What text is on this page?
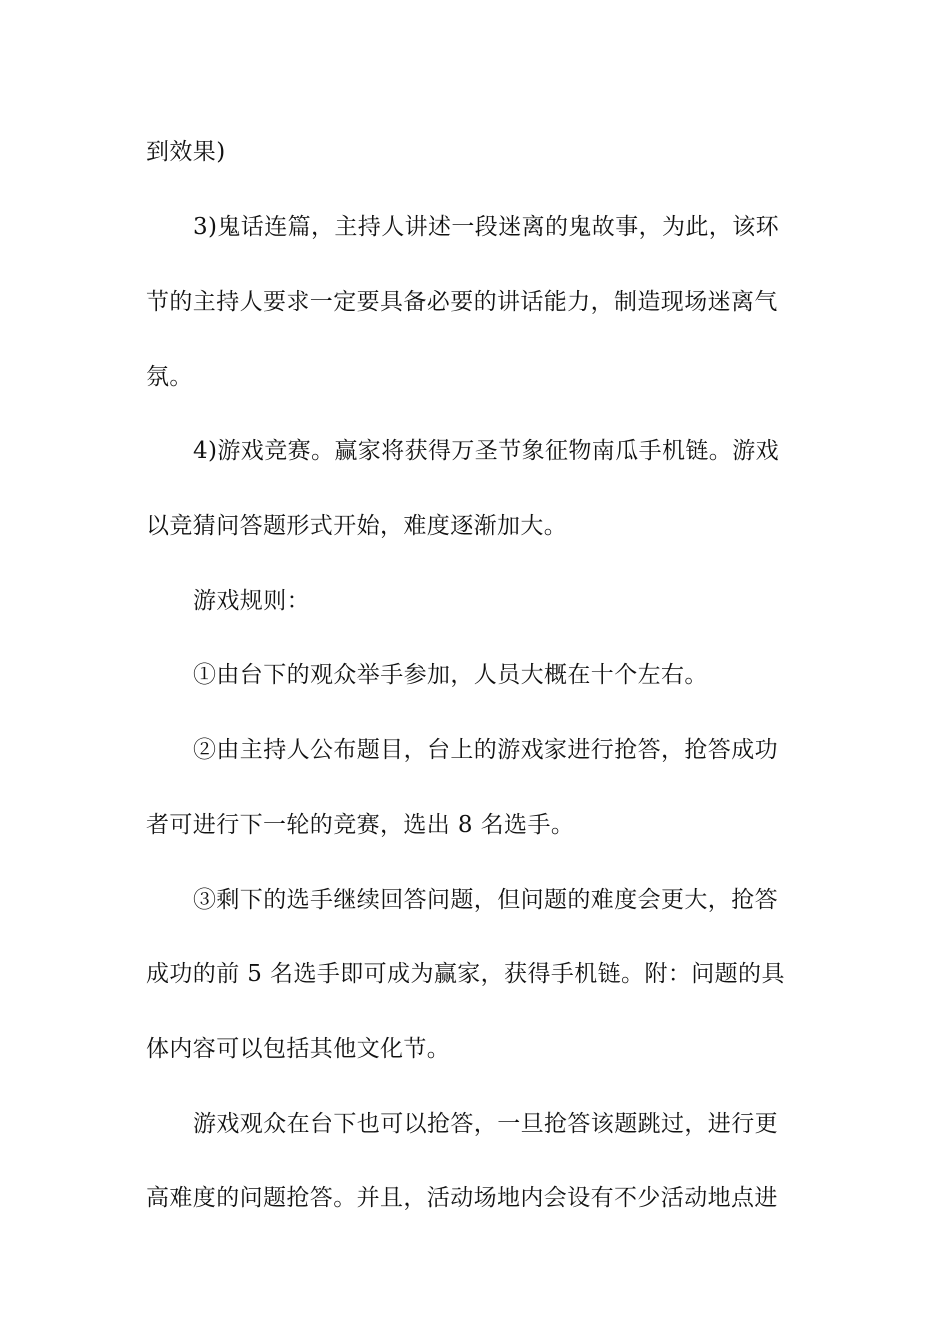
到效果)
3)鬼话连篇，主持人讲述一段迷离的鬼故事，为此，该环
节的主持人要求一定要具备必要的讲话能力，制造现场迷离气
氛。
4)游戏竞赛。赢家将获得万圣节象征物南瓜手机链。游戏
以竞猜问答题形式开始，难度逐渐加大。
游戏规则：
①由台下的观众举手参加，人员大概在十个左右。
②由主持人公布题目，台上的游戏家进行抢答，抢答成功
者可进行下一轮的竞赛，选出 8 名选手。
③剩下的选手继续回答问题，但问题的难度会更大，抢答
成功的前 5 名选手即可成为赢家，获得手机链。附：问题的具
体内容可以包括其他文化节。
游戏观众在台下也可以抢答，一旦抢答该题跳过，进行更
高难度的问题抢答。并且，活动场地内会设有不少活动地点进
